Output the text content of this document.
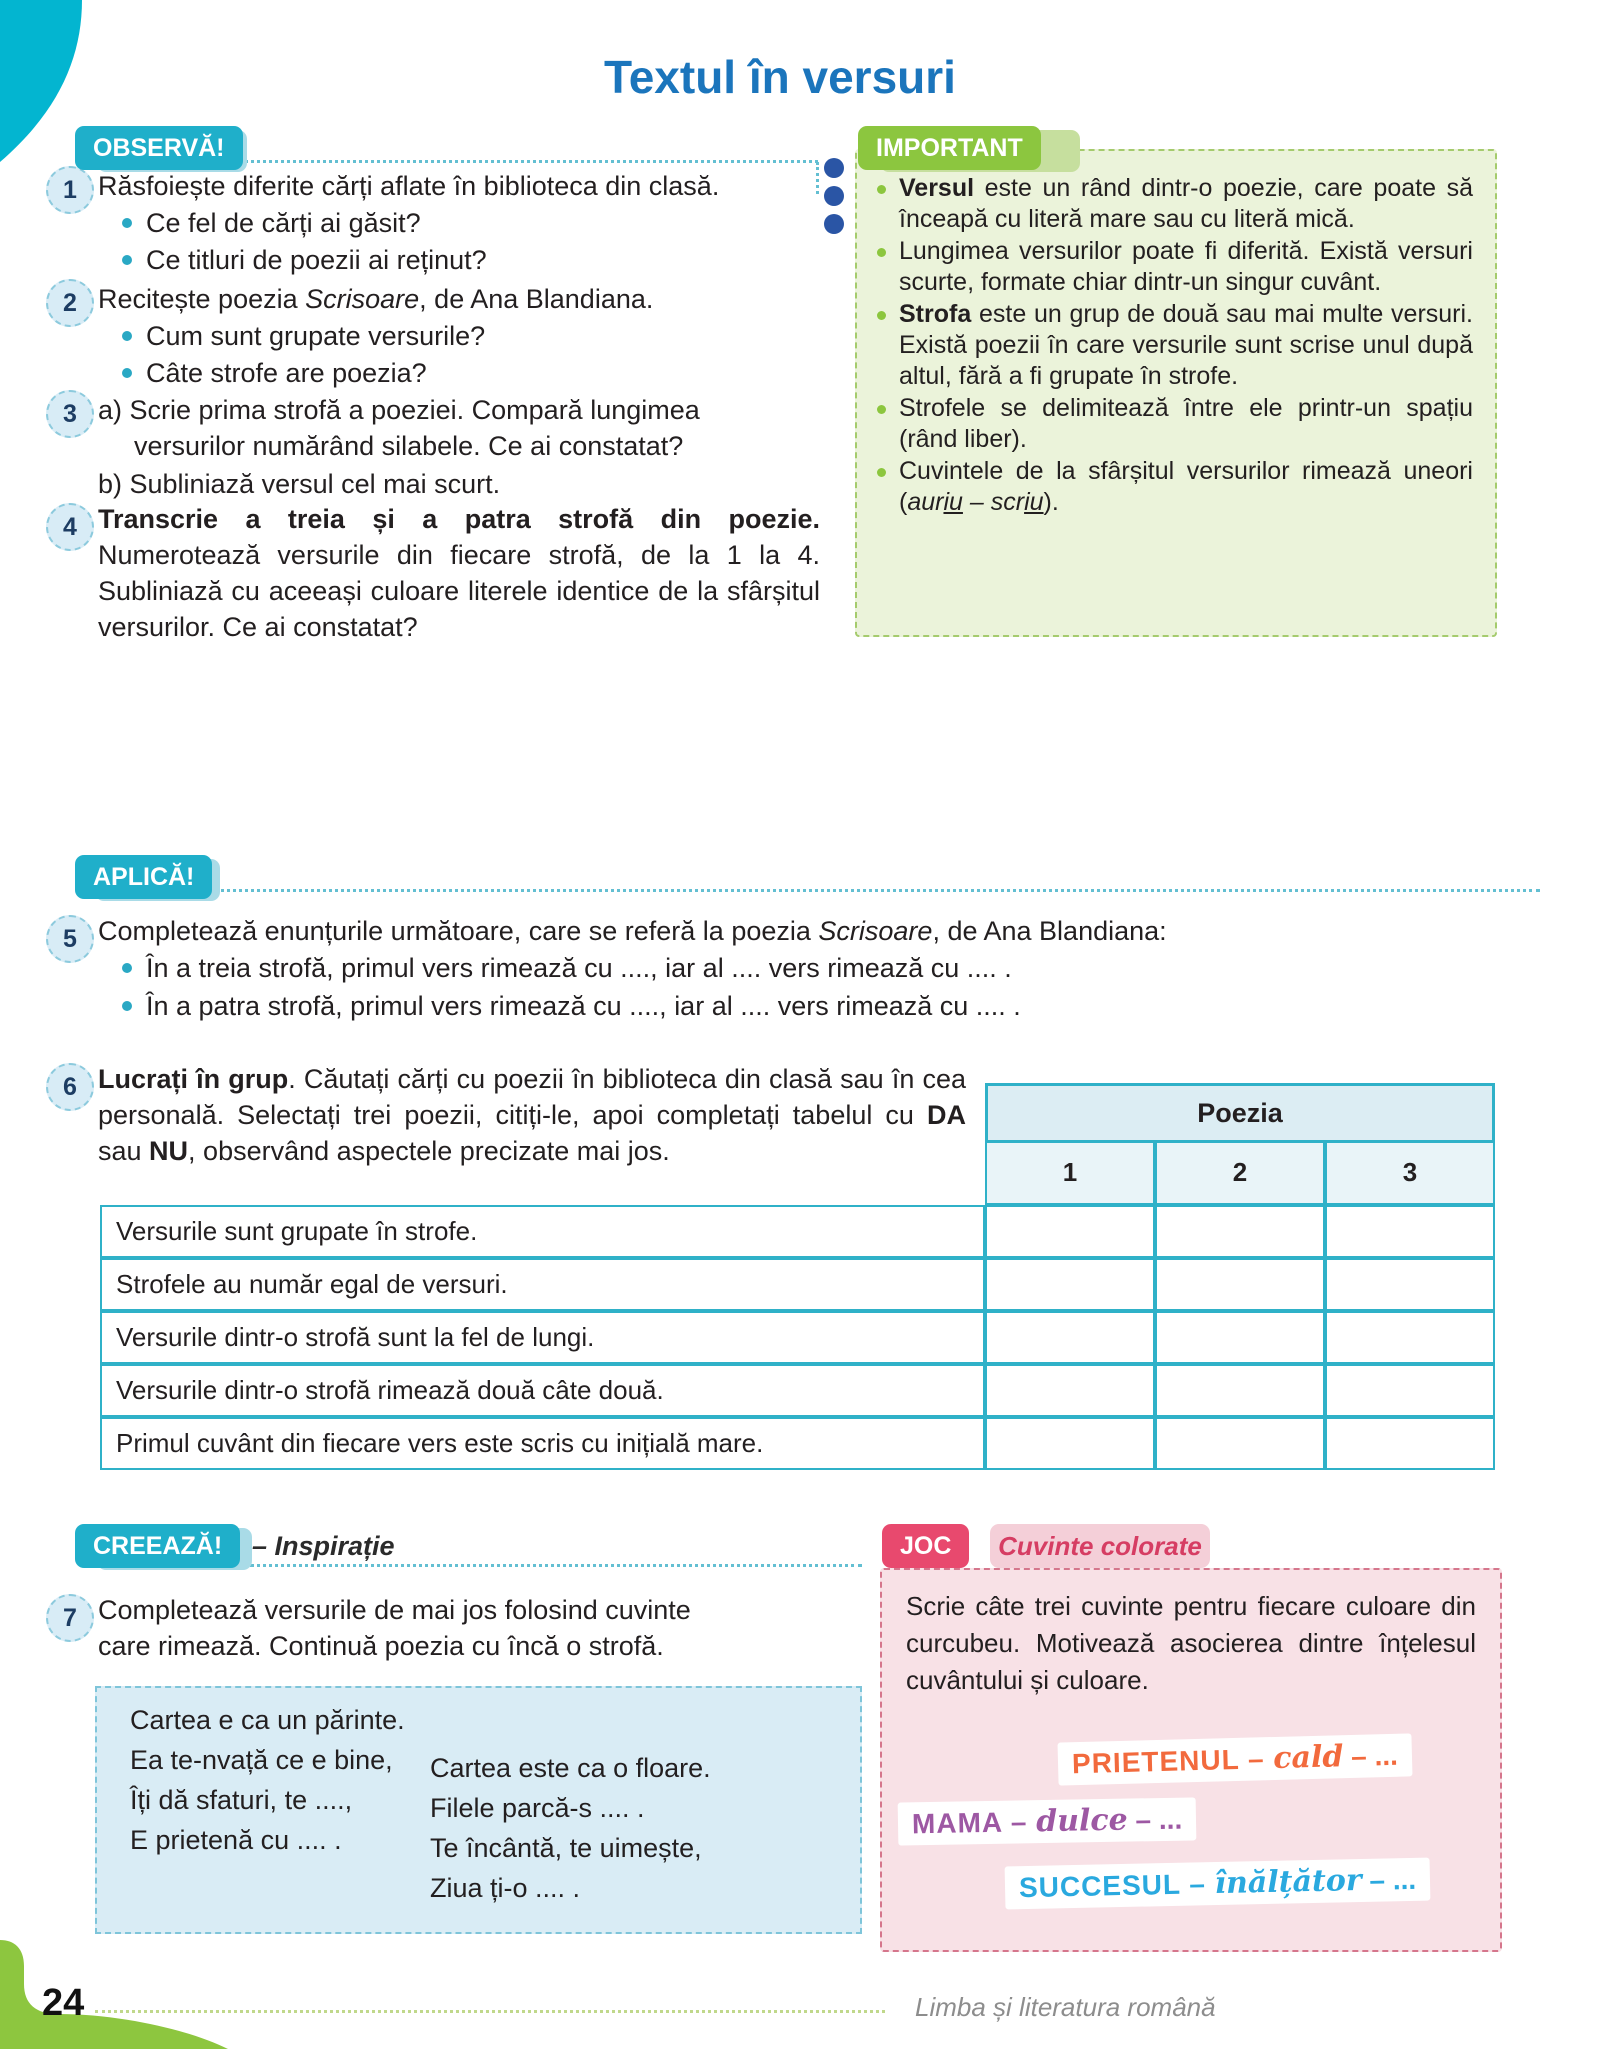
Textul în versuri
OBSERVĂ!
1 Răsfoiește diferite cărți aflate în biblioteca din clasă.
Ce fel de cărți ai găsit?
Ce titluri de poezii ai reținut?
2 Recitește poezia Scrisoare, de Ana Blandiana.
Cum sunt grupate versurile?
Câte strofe are poezia?
3 a) Scrie prima strofă a poeziei. Compară lungimea versurilor numărând silabele. Ce ai constatat?
b) Subliniază versul cel mai scurt.
4 Transcrie a treia și a patra strofă din poezie. Numerotează versurile din fiecare strofă, de la 1 la 4. Subliniază cu aceeași culoare literele identice de la sfârșitul versurilor. Ce ai constatat?
Versul este un rând dintr-o poezie, care poate să înceapă cu literă mare sau cu literă mică.
Lungimea versurilor poate fi diferită. Există versuri scurte, formate chiar dintr-un singur cuvânt.
Strofa este un grup de două sau mai multe versuri. Există poezii în care versurile sunt scrise unul după altul, fără a fi grupate în strofe.
Strofele se delimitează între ele printr-un spațiu (rând liber).
Cuvintele de la sfârșitul versurilor rimează uneori (auriu – scriu).
IMPORTANT
APLICĂ!
5 Completează enunțurile următoare, care se referă la poezia Scrisoare, de Ana Blandiana:
În a treia strofă, primul vers rimează cu ...., iar al .... vers rimează cu .... .
În a patra strofă, primul vers rimează cu ...., iar al .... vers rimează cu .... .
6 Lucrați în grup. Căutați cărți cu poezii în biblioteca din clasă sau în cea personală. Selectați trei poezii, citiți-le, apoi completați tabelul cu DA sau NU, observând aspectele precizate mai jos.
Poezia
1	2	3
Versurile sunt grupate în strofe.
Strofele au număr egal de versuri.
Versurile dintr-o strofă sunt la fel de lungi.
Versurile dintr-o strofă rimează două câte două.
Primul cuvânt din fiecare vers este scris cu inițială mare.
CREEAZĂ!	– Inspirație
7 Completează versurile de mai jos folosind cuvinte care rimează. Continuă poezia cu încă o strofă.
Cartea e ca un părinte.
Ea te-nvață ce e bine,
Îți dă sfaturi, te ....,
E prietenă cu .... .
Cartea este ca o floare.
Filele parcă-s .... .
Te încântă, te uimește,
Ziua ți-o .... .
Scrie câte trei cuvinte pentru fiecare culoare din curcubeu. Motivează asocierea dintre înțelesul cuvântului și culoare.
Cuvinte colorate
JOC
PRIETENUL – cald – ...
MAMA – dulce – ...
SUCCESUL – înălțător – ...
24	Limba și literatura română
